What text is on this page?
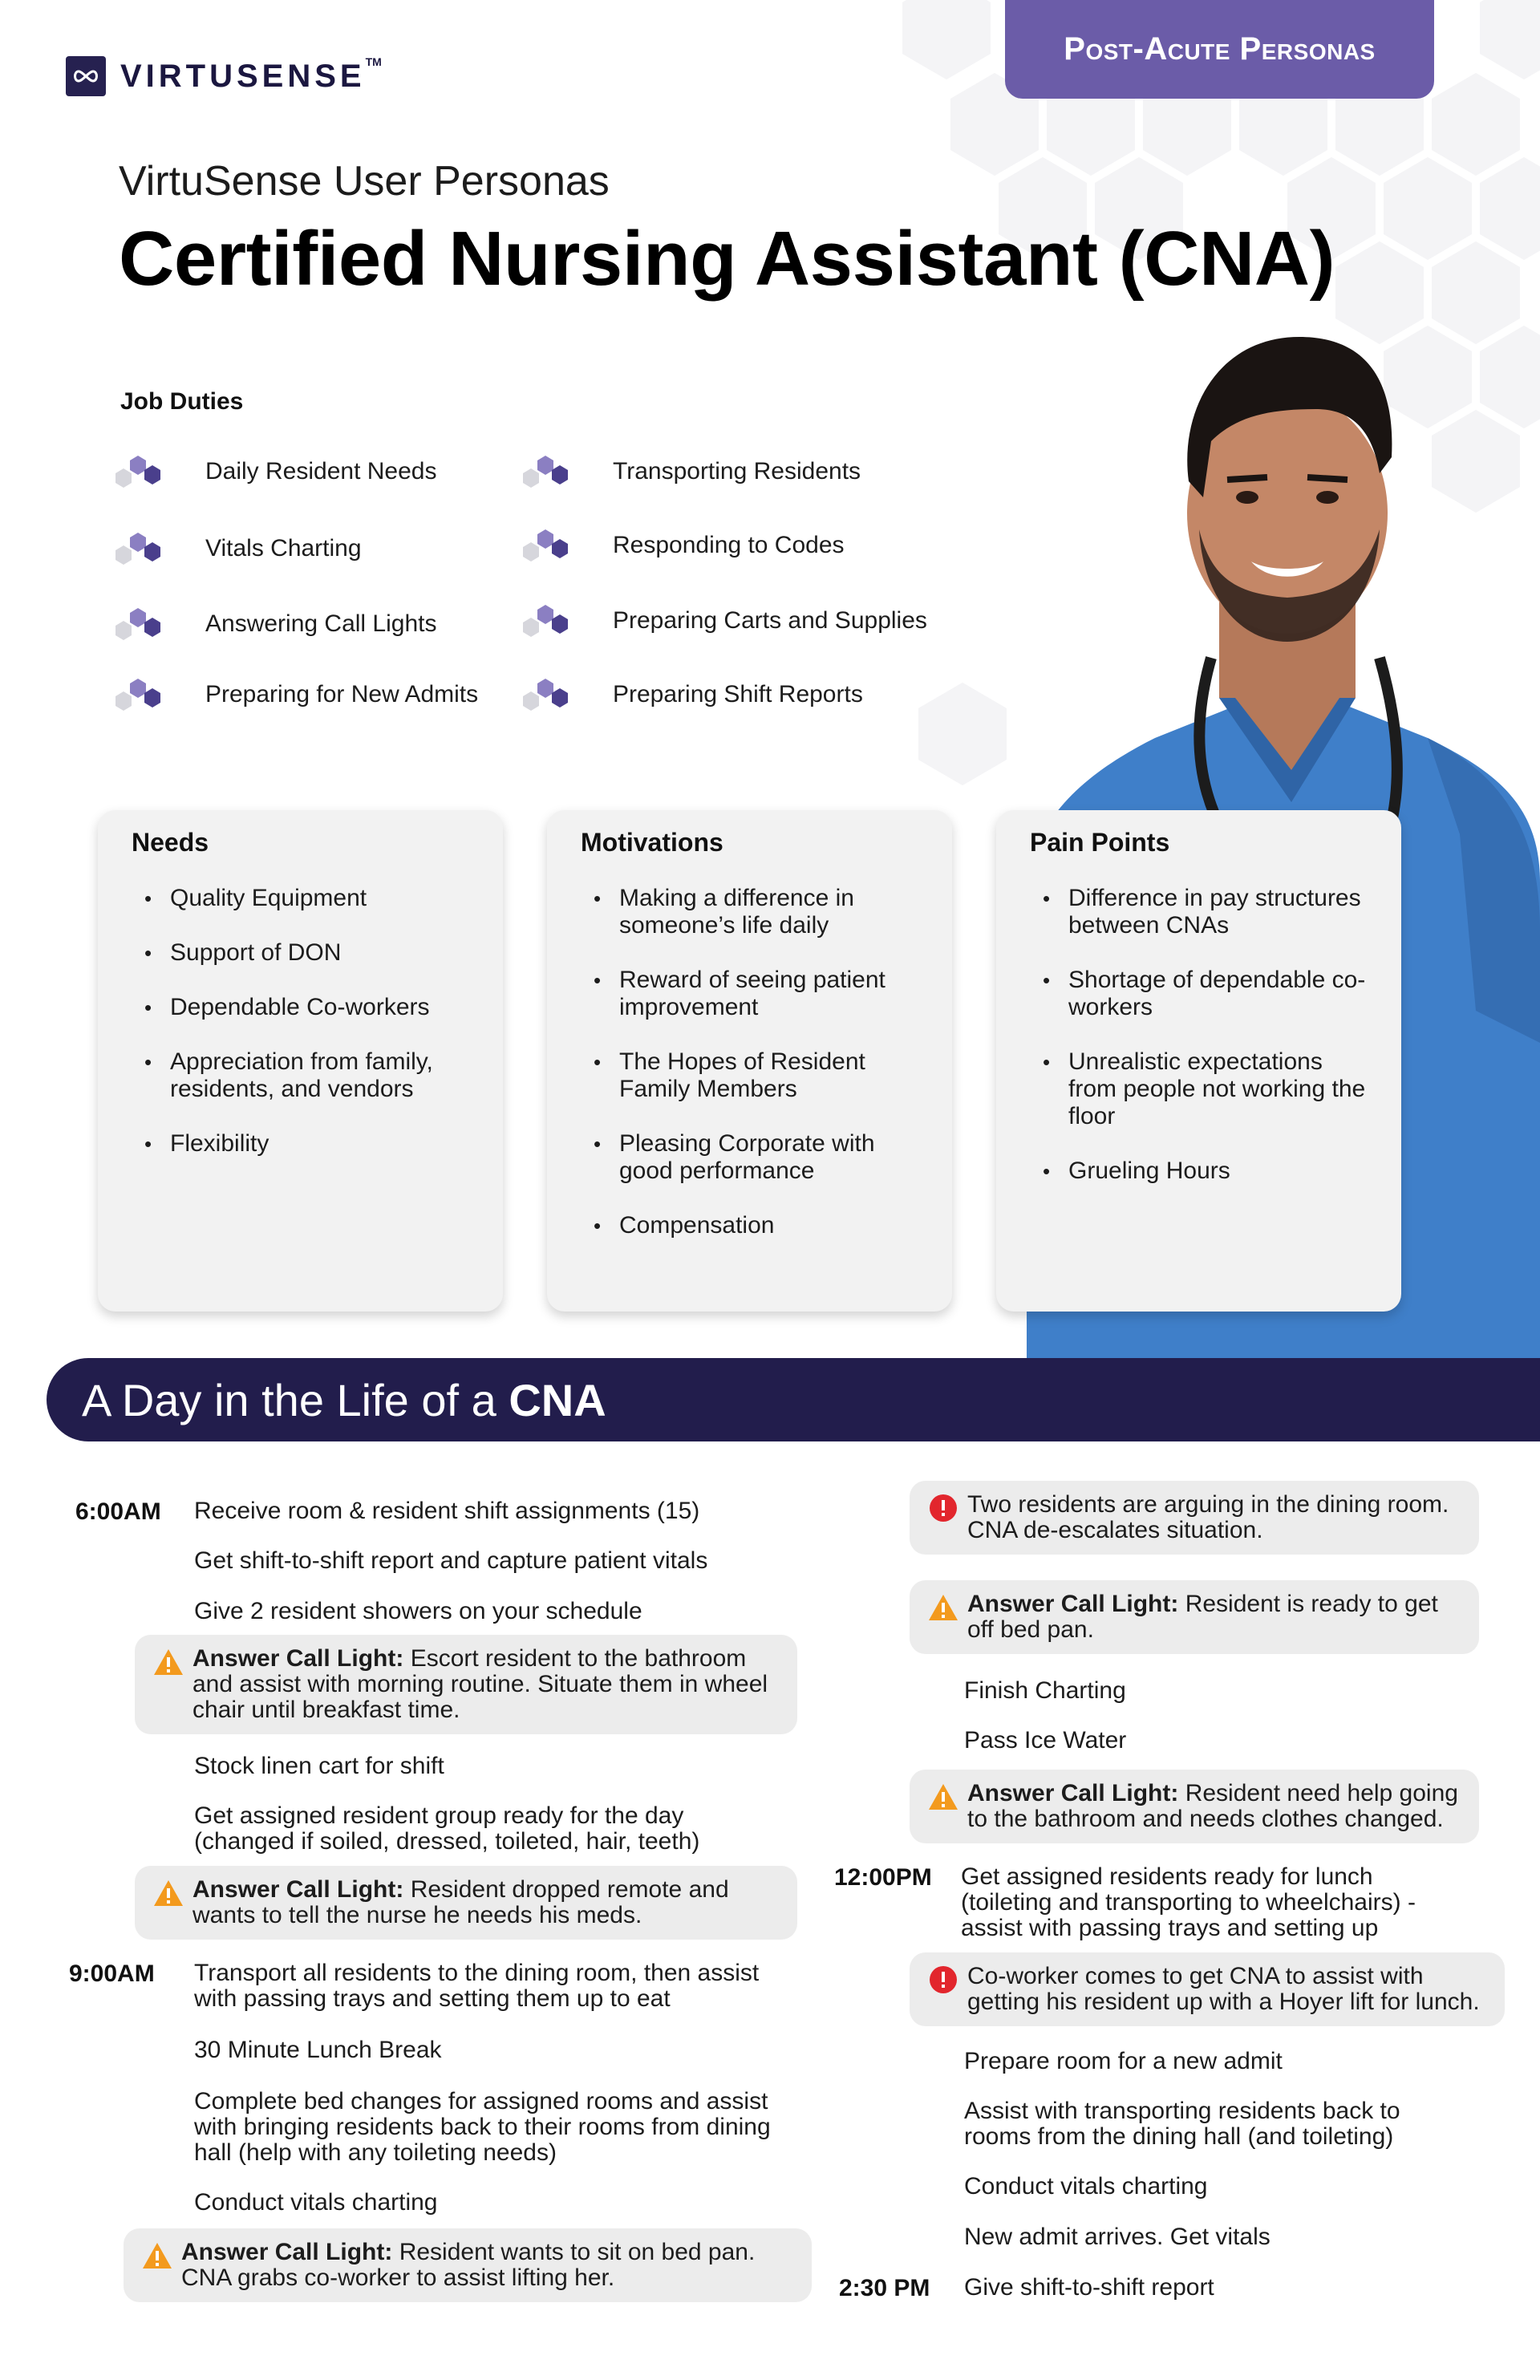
VIRTUSENSE™	Post-Acute Personas
VirtuSense User Personas
Certified Nursing Assistant (CNA)
Job Duties
Daily Resident Needs
Vitals Charting
Answering Call Lights
Preparing for New Admits
Transporting Residents
Responding to Codes
Preparing Carts and Supplies
Preparing Shift Reports
Needs
• Quality Equipment
• Support of DON
• Dependable Co-workers
• Appreciation from family, residents, and vendors
• Flexibility
Motivations
• Making a difference in someone’s life daily
• Reward of seeing patient improvement
• The Hopes of Resident Family Members
• Pleasing Corporate with good performance
• Compensation
Pain Points
• Difference in pay structures between CNAs
• Shortage of dependable co-workers
• Unrealistic expectations from people not working the floor
• Grueling Hours
A Day in the Life of a CNA
6:00AM Receive room & resident shift assignments (15)
Get shift-to-shift report and capture patient vitals
Give 2 resident showers on your schedule
Answer Call Light: Escort resident to the bathroom and assist with morning routine. Situate them in wheel chair until breakfast time.
Stock linen cart for shift
Get assigned resident group ready for the day (changed if soiled, dressed, toileted, hair, teeth)
Answer Call Light: Resident dropped remote and wants to tell the nurse he needs his meds.
9:00AM Transport all residents to the dining room, then assist with passing trays and setting them up to eat
30 Minute Lunch Break
Complete bed changes for assigned rooms and assist with bringing residents back to their rooms from dining hall (help with any toileting needs)
Conduct vitals charting
Answer Call Light: Resident wants to sit on bed pan. CNA grabs co-worker to assist lifting her.
Two residents are arguing in the dining room. CNA de-escalates situation.
Answer Call Light: Resident is ready to get off bed pan.
Finish Charting
Pass Ice Water
Answer Call Light: Resident need help going to the bathroom and needs clothes changed.
12:00PM Get assigned residents ready for lunch (toileting and transporting to wheelchairs) - assist with passing trays and setting up
Co-worker comes to get CNA to assist with getting his resident up with a Hoyer lift for lunch.
Prepare room for a new admit
Assist with transporting residents back to rooms from the dining hall (and toileting)
Conduct vitals charting
New admit arrives. Get vitals
2:30 PM Give shift-to-shift report
